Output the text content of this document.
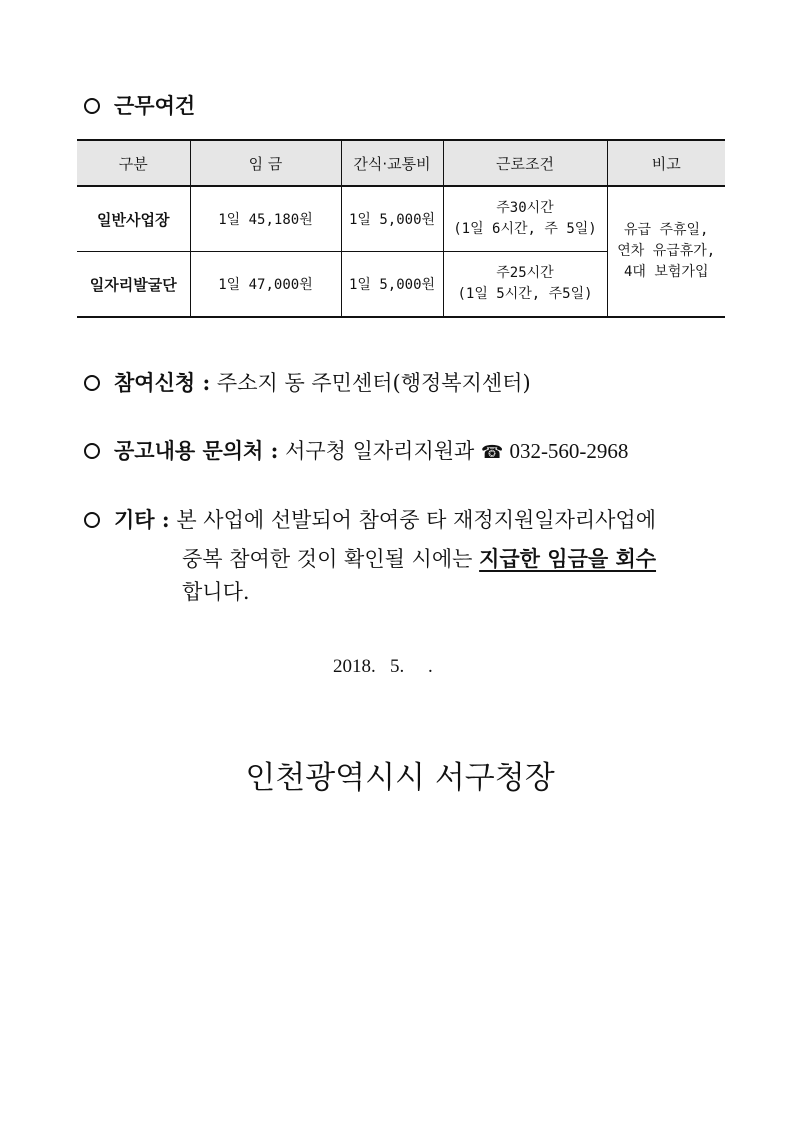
근무여건
구분	임 금	간식·교통비	근로조건	비고
일반사업장	1일 45,180원	1일 5,000원	주30시간
(1일 6시간, 주 5일)	유급 주휴일,
연차 유급휴가,
4대 보험가입

일자리발굴단	1일 47,000원	1일 5,000원	주25시간
(1일 5시간, 주5일)	
참여신청 : 주소지 동 주민센터(행정복지센터)
공고내용 문의처 : 서구청 일자리지원과 ☎ 032-560-2968
기타 : 본 사업에 선발되어 참여중 타 재정지원일자리사업에
중복 참여한 것이 확인될 시에는 지급한 임금을 회수
합니다.
2018.   5.     .
인천광역시시 서구청장
